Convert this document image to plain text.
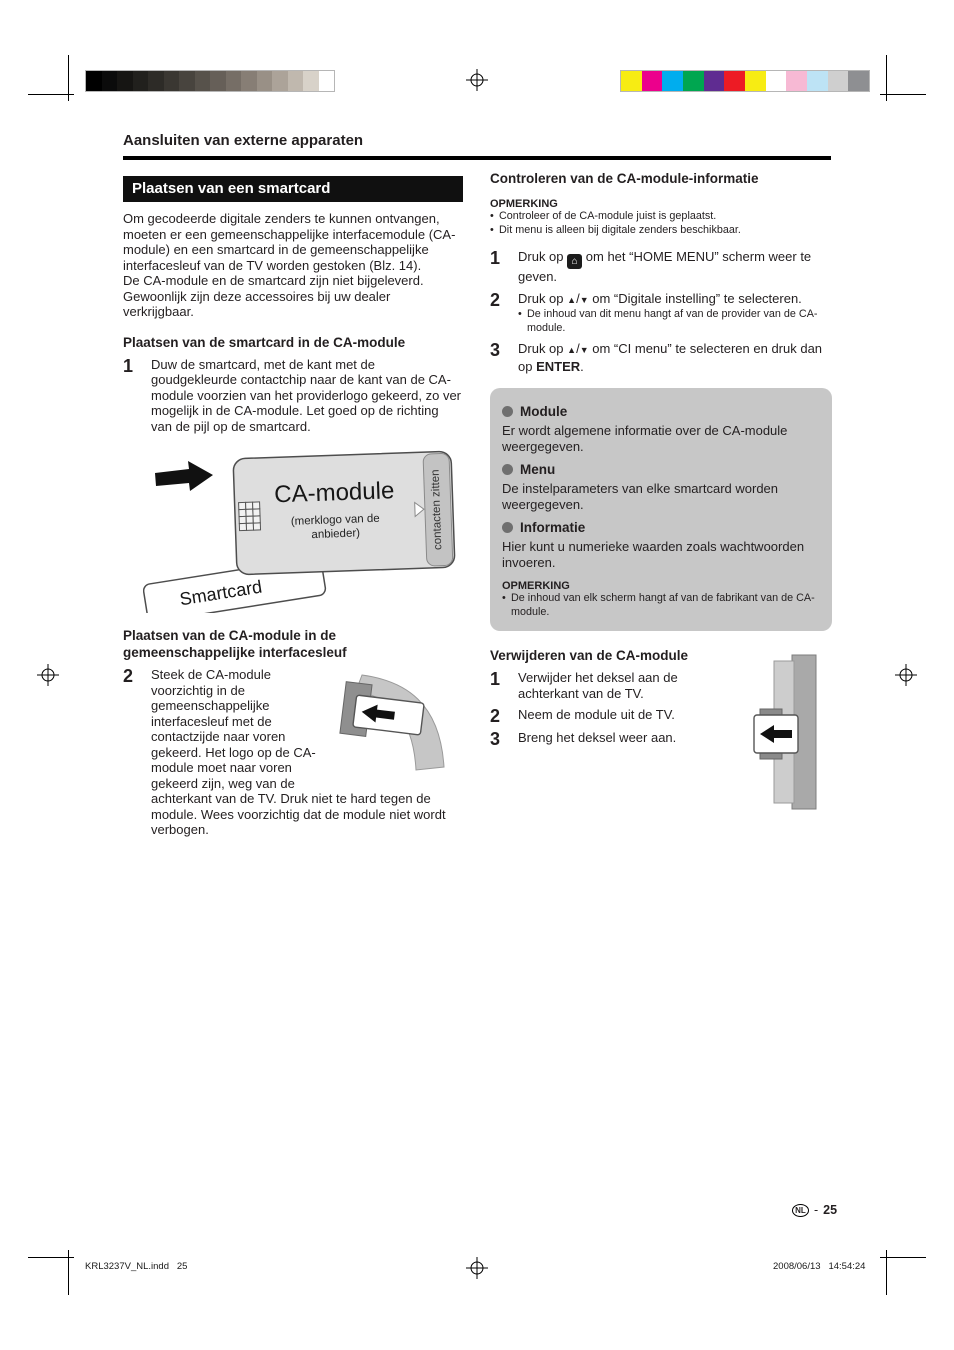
Aansluiten van externe apparaten
Plaatsen van een smartcard

Om gecodeerde digitale zenders te kunnen ontvangen, moeten er een gemeenschappelijke interfacemodule (CA-module) en een smartcard in de gemeenschappelijke interfacesleuf van de TV worden gestoken (Blz. 14).

De CA-module en de smartcard zijn niet bijgeleverd.

Gewoonlijk zijn deze accessoires bij uw dealer verkrijgbaar.

Plaatsen van de smartcard in de CA-module
1	Duw de smartcard, met de kant met de goudgekleurde contactchip naar de kant van de CA-module voorzien van het providerlogo gekeerd, zo ver mogelijk in de CA-module. Let goed op de richting van de pijl op de smartcard.
Smartcard
CA-module
(merklogo van de
anbieder)	contacten zitten
Plaatsen van de CA-module in de gemeenschappelijke interfacesleuf
2	Steek de CA-module voorzichtig in de gemeenschappelijke interfacesleuf met de contactzijde naar voren gekeerd. Het logo op de CA-module moet naar voren gekeerd zijn, weg van de achterkant van de TV. Druk niet te hard tegen de module. Wees voorzichtig dat de module niet wordt verbogen.
Controleren van de CA-module-informatie
OPMERKING
• Controleer of de CA-module juist is geplaatst.
• Dit menu is alleen bij digitale zenders beschikbaar.
1	Druk op ⌂ om het “HOME MENU” scherm weer te geven.
2	Druk op ▲/▼ om “Digitale instelling” te selecteren.
• De inhoud van dit menu hangt af van de provider van de CA-module.
3	Druk op ▲/▼ om “CI menu” te selecteren en druk dan op ENTER.
Module

Er wordt algemene informatie over de CA-module weergegeven.

Menu

De instelparameters van elke smartcard worden weergegeven.

Informatie

Hier kunt u numerieke waarden zoals wachtwoorden invoeren.

OPMERKING
• De inhoud van elk scherm hangt af van de fabrikant van de CA-module.
Verwijderen van de CA-module
1	Verwijder het deksel aan de achterkant van de TV.
2	Neem de module uit de TV.
3	Breng het deksel weer aan.
NL - 25
KRL3237V_NL.indd   25	2008/06/13   14:54:24
